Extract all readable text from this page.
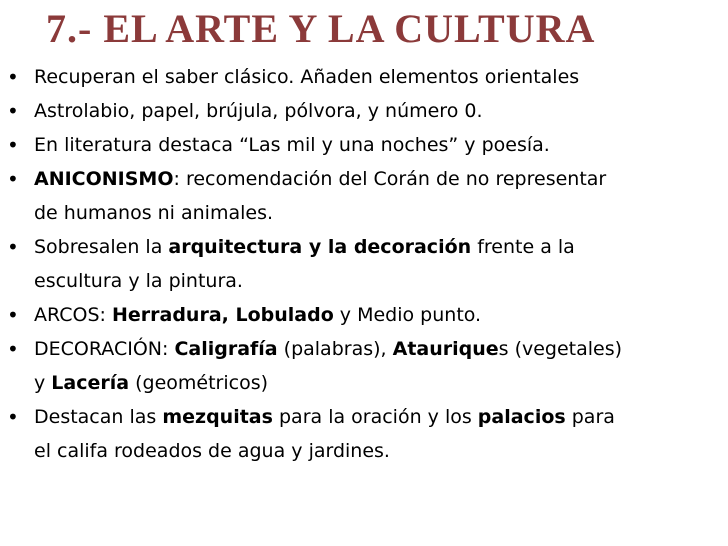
7.- EL ARTE Y LA CULTURA
• Recuperan el saber clásico. Añaden elementos orientales
• Astrolabio, papel, brújula, pólvora, y número 0.
• En literatura destaca “Las mil y una noches” y poesía.
• ANICONISMO: recomendación del Corán de no representar
de humanos ni animales.
• Sobresalen la arquitectura y la decoración frente a la
escultura y la pintura.
• ARCOS: Herradura, Lobulado y Medio punto.
• DECORACIÓN: Caligrafía (palabras), Atauriques (vegetales)
y Lacería (geométricos)
• Destacan las mezquitas para la oración y los palacios para
el califa rodeados de agua y jardines.
